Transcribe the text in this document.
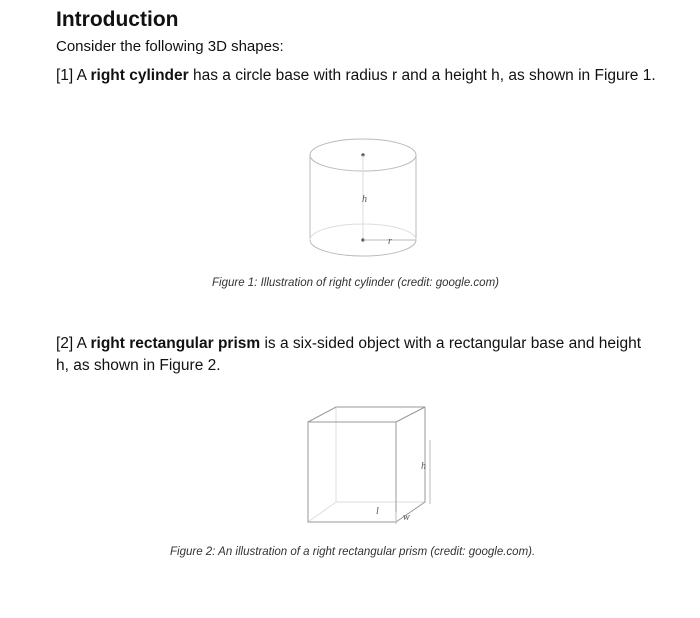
Introduction
Consider the following 3D shapes:
[1] A right cylinder has a circle base with radius r and a height h, as shown in Figure 1.
h
r
Figure 1: Illustration of right cylinder (credit: google.com)
[2] A right rectangular prism is a six-sided object with a rectangular base and height h, as shown in Figure 2.
h
l
w
Figure 2: An illustration of a right rectangular prism (credit: google.com).
